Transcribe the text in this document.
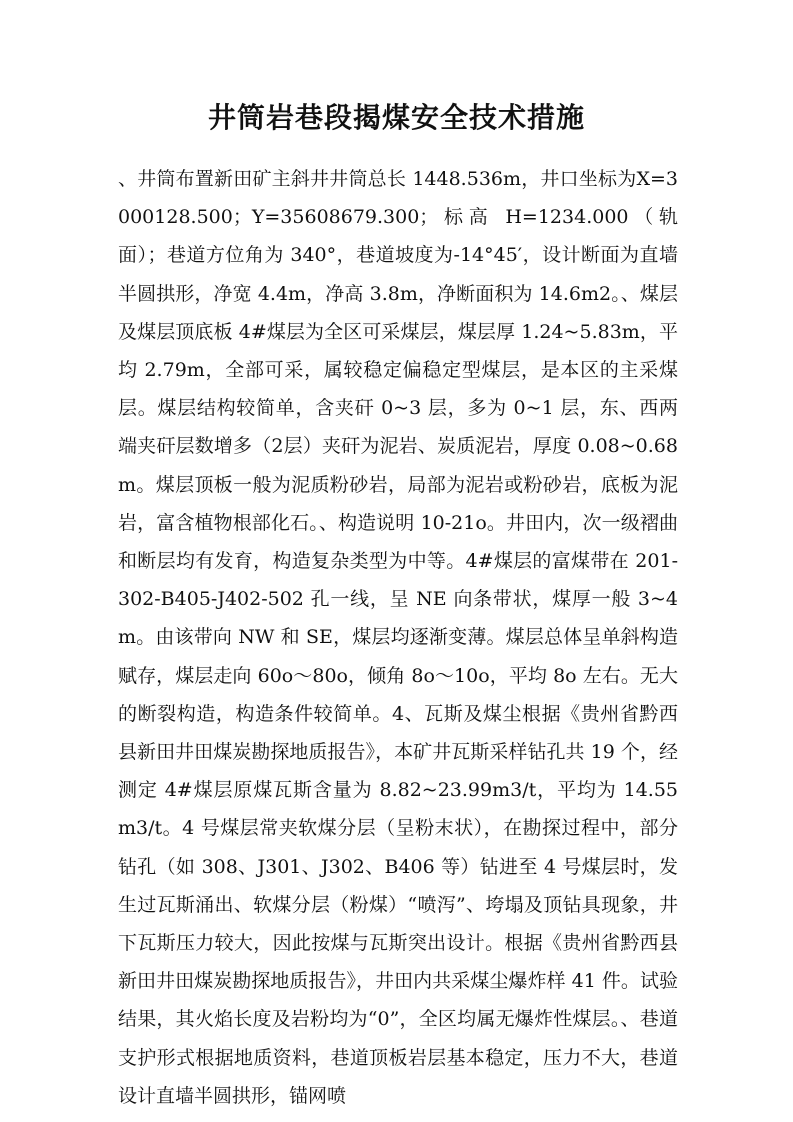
井筒岩巷段揭煤安全技术措施
、井筒布置新田矿主斜井井筒总长 1448.536m，井口坐标为X=3000128.500；Y=35608679.300；标高 H=1234.000（轨面）；巷道方位角为 340°，巷道坡度为-14°45′，设计断面为直墙半圆拱形，净宽 4.4m，净高 3.8m，净断面积为 14.6m2。、煤层及煤层顶底板 4#煤层为全区可采煤层，煤层厚 1.24~5.83m，平均 2.79m，全部可采，属较稳定偏稳定型煤层，是本区的主采煤层。煤层结构较简单，含夹矸 0~3 层，多为 0~1 层，东、西两端夹矸层数增多（2层）夹矸为泥岩、炭质泥岩，厚度 0.08~0.68m。煤层顶板一般为泥质粉砂岩，局部为泥岩或粉砂岩，底板为泥岩，富含植物根部化石。、构造说明 10-21o。井田内，次一级褶曲和断层均有发育，构造复杂类型为中等。4#煤层的富煤带在 201-302-B405-J402-502 孔一线，呈 NE 向条带状，煤厚一般 3~4m。由该带向 NW 和 SE，煤层均逐渐变薄。煤层总体呈单斜构造赋存，煤层走向 60o～80o，倾角 8o～10o，平均 8o 左右。无大的断裂构造，构造条件较简单。4、瓦斯及煤尘根据《贵州省黔西县新田井田煤炭勘探地质报告》，本矿井瓦斯采样钻孔共 19 个，经测定 4#煤层原煤瓦斯含量为 8.82~23.99m3/t，平均为 14.55m3/t。4 号煤层常夹软煤分层（呈粉末状），在勘探过程中，部分钻孔（如 308、J301、J302、B406 等）钻进至 4 号煤层时，发生过瓦斯涌出、软煤分层（粉煤）“喷泻”、垮塌及顶钻具现象，井下瓦斯压力较大，因此按煤与瓦斯突出设计。根据《贵州省黔西县新田井田煤炭勘探地质报告》，井田内共采煤尘爆炸样 41 件。试验结果，其火焰长度及岩粉均为“0”，全区均属无爆炸性煤层。、巷道支护形式根据地质资料，巷道顶板岩层基本稳定，压力不大，巷道设计直墙半圆拱形，锚网喷
